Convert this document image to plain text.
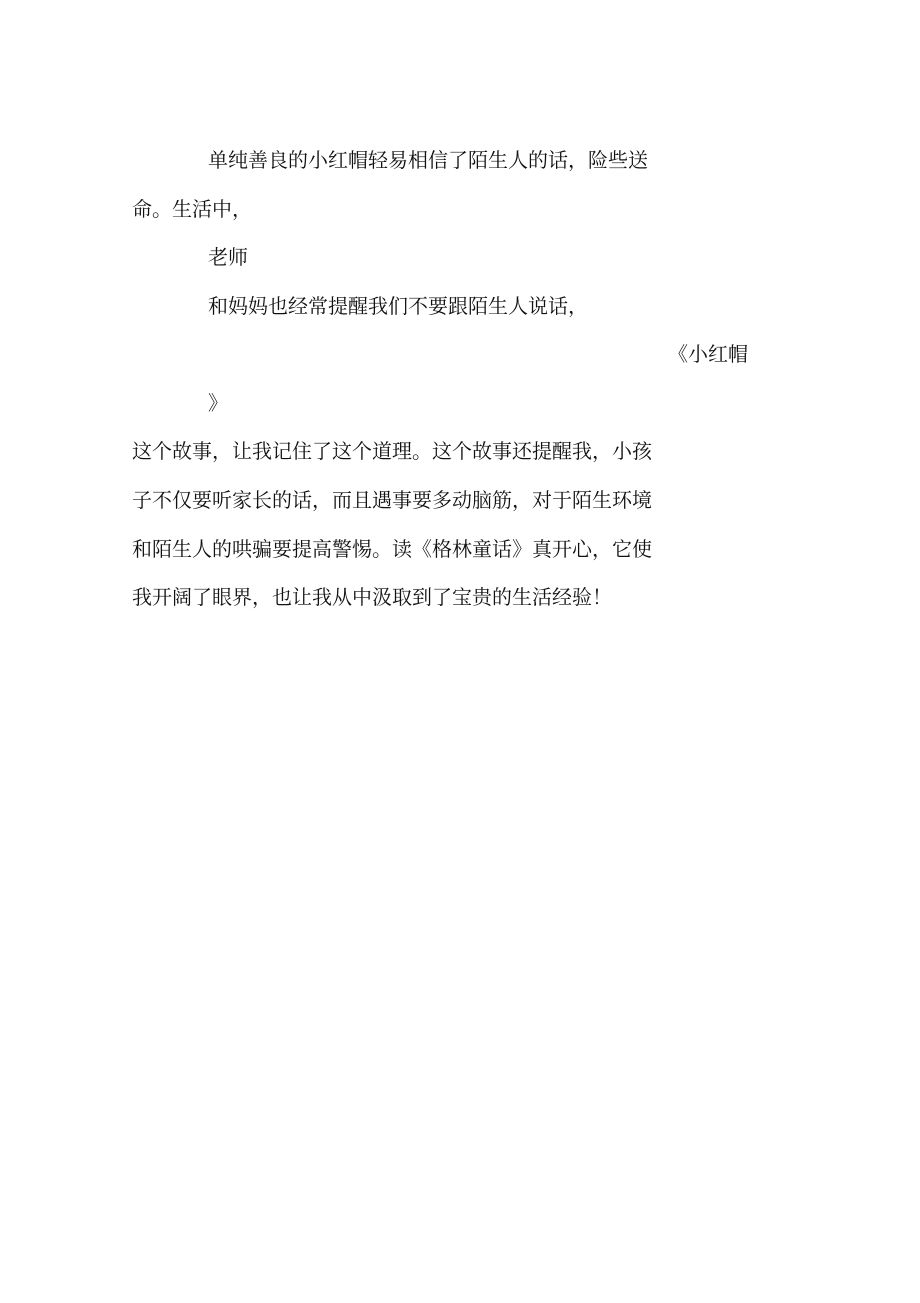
单纯善良的小红帽轻易相信了陌生人的话，险些送

命。生活中，

老师

和妈妈也经常提醒我们不要跟陌生人说话，

《小红帽

》

这个故事，让我记住了这个道理。这个故事还提醒我，小孩

子不仅要听家长的话，而且遇事要多动脑筋，对于陌生环境

和陌生人的哄骗要提高警惕。读《格林童话》真开心，它使

我开阔了眼界，也让我从中汲取到了宝贵的生活经验！
